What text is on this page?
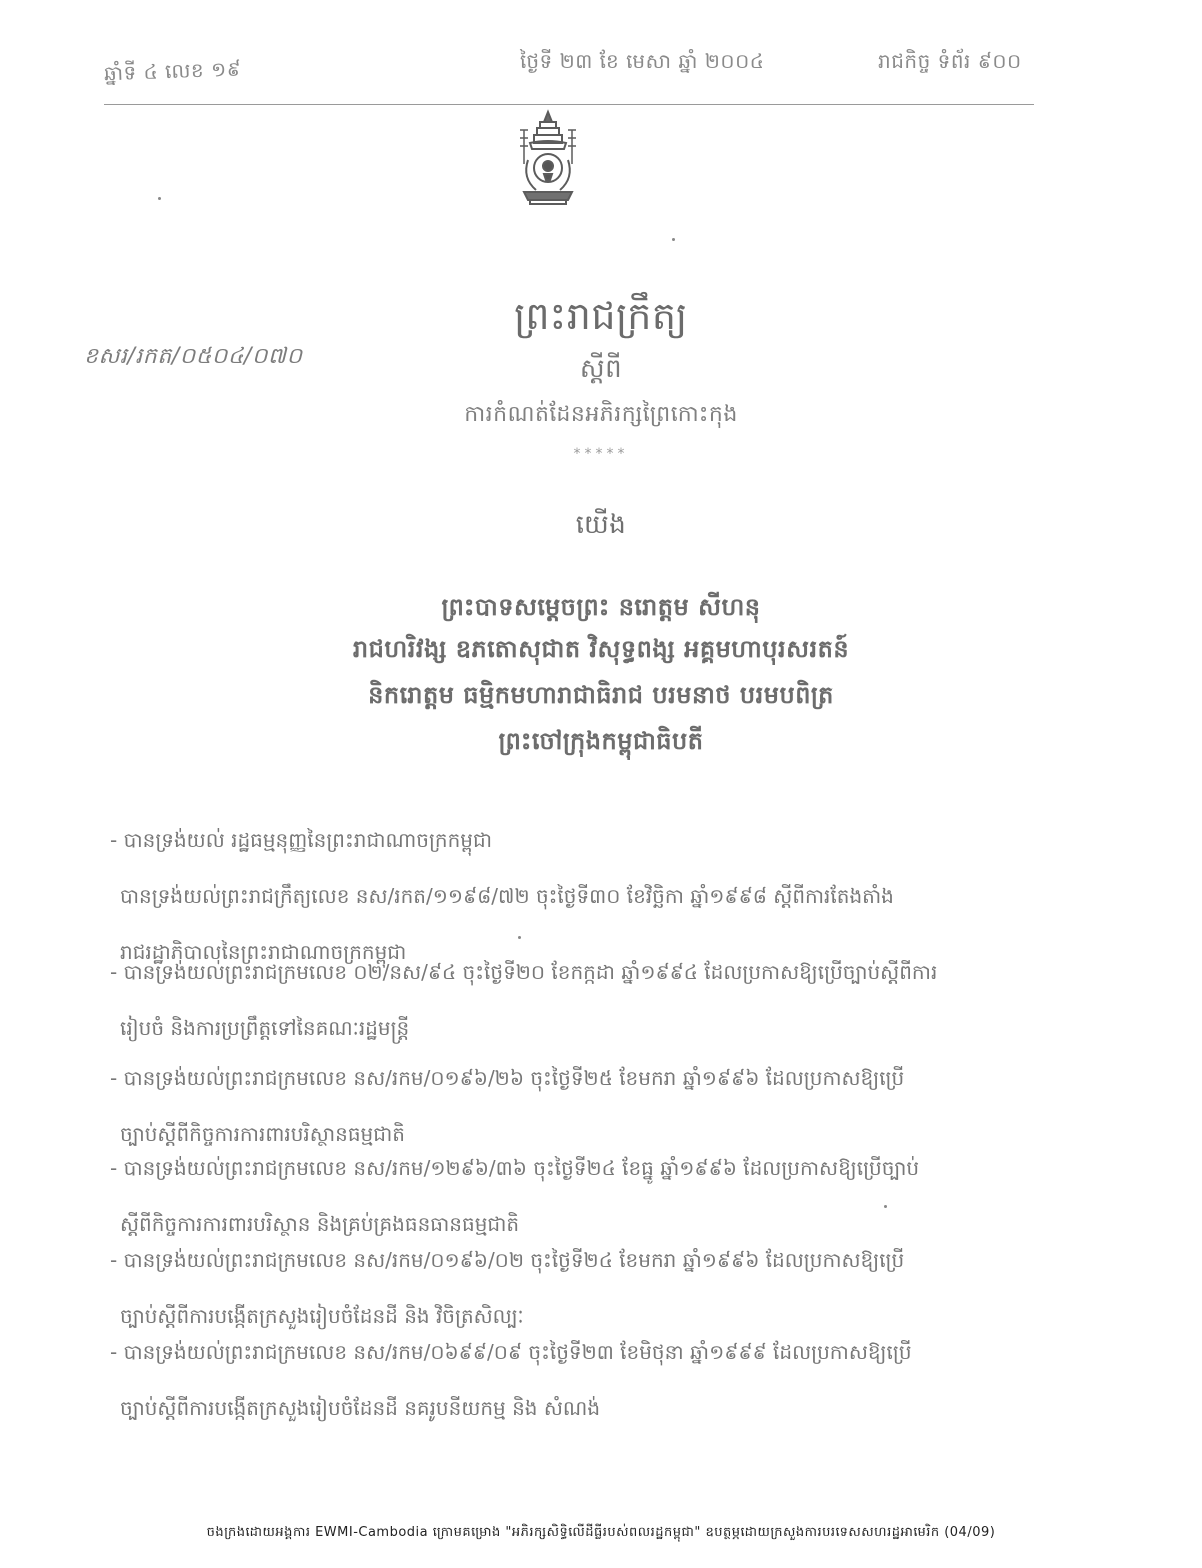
ឆ្នាំទី ៤ លេខ ១៩	ថ្ងៃទី ២៣ ខែ មេសា ឆ្នាំ ២០០៤	រាជកិច្ច ទំព័រ ៩០០
ព្រះរាជក្រឹត្យ
ខសរ/រកត/០៥០៤/០៧០	ស្តីពី
ការកំណត់ដែនអភិរក្សព្រៃកោះកុង
*****
យើង
ព្រះបាទសម្តេចព្រះ នរោត្តម សីហនុ
រាជហរិវង្ស ឧភតោសុជាត វិសុទ្ធពង្ស អគ្គមហាបុរសរតន៍
និករោត្តម ធម្មិកមហារាជាធិរាជ បរមនាថ បរមបពិត្រ
ព្រះចៅក្រុងកម្ពុជាធិបតី
- បានទ្រង់យល់ រដ្ឋធម្មនុញ្ញនៃព្រះរាជាណាចក្រកម្ពុជា
បានទ្រង់យល់ព្រះរាជក្រឹត្យលេខ នស/រកត/១១៩៨/៧២ ចុះថ្ងៃទី៣០ ខែវិច្ឆិកា ឆ្នាំ១៩៩៨ ស្តីពីការតែងតាំង
រាជរដ្ឋាភិបាលនៃព្រះរាជាណាចក្រកម្ពុជា
- បានទ្រង់យល់ព្រះរាជក្រមលេខ ០២/នស/៩៤ ចុះថ្ងៃទី២០ ខែកក្កដា ឆ្នាំ១៩៩៤ ដែលប្រកាសឱ្យប្រើច្បាប់ស្តីពីការ
រៀបចំ និងការប្រព្រឹត្តទៅនៃគណៈរដ្ឋមន្ត្រី
- បានទ្រង់យល់ព្រះរាជក្រមលេខ នស/រកម/០១៩៦/២៦ ចុះថ្ងៃទី២៥ ខែមករា ឆ្នាំ១៩៩៦ ដែលប្រកាសឱ្យប្រើ
ច្បាប់ស្តីពីកិច្ចការការពារបរិស្ថានធម្មជាតិ
- បានទ្រង់យល់ព្រះរាជក្រមលេខ នស/រកម/១២៩៦/៣៦ ចុះថ្ងៃទី២៤ ខែធ្នូ ឆ្នាំ១៩៩៦ ដែលប្រកាសឱ្យប្រើច្បាប់
ស្តីពីកិច្ចការការពារបរិស្ថាន និងគ្រប់គ្រងធនធានធម្មជាតិ
- បានទ្រង់យល់ព្រះរាជក្រមលេខ នស/រកម/០១៩៦/០២ ចុះថ្ងៃទី២៤ ខែមករា ឆ្នាំ១៩៩៦ ដែលប្រកាសឱ្យប្រើ
ច្បាប់ស្តីពីការបង្កើតក្រសួងរៀបចំដែនដី និង វិចិត្រសិល្បៈ
- បានទ្រង់យល់ព្រះរាជក្រមលេខ នស/រកម/០៦៩៩/០៩ ចុះថ្ងៃទី២៣ ខែមិថុនា ឆ្នាំ១៩៩៩ ដែលប្រកាសឱ្យប្រើ
ច្បាប់ស្តីពីការបង្កើតក្រសួងរៀបចំដែនដី នគរូបនីយកម្ម និង សំណង់
ចងក្រងដោយអង្គការ EWMI-Cambodia ក្រោមគម្រោង "អភិរក្សសិទ្ធិលើដីធ្លីរបស់ពលរដ្ឋកម្ពុជា" ឧបត្ថម្ភដោយក្រសួងការបរទេសសហរដ្ឋអាមេរិក (04/09)
